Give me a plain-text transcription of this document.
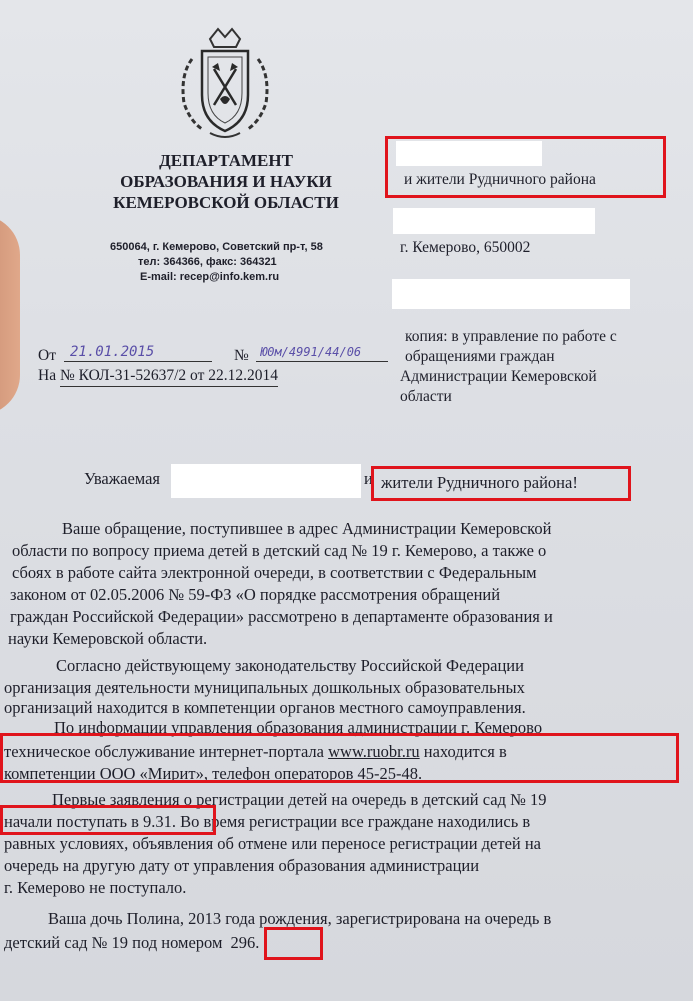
ДЕПАРТАМЕНТ
ОБРАЗОВАНИЯ И НАУКИ
КЕМЕРОВСКОЙ ОБЛАСТИ
650064, г. Кемерово, Советский пр-т, 58
тел: 364366, факс: 364321
E-mail: recep@info.kem.ru
и жители Рудничного района
г. Кемерово, 650002
копия: в управление по работе с
обращениями граждан
Администрации Кемеровской
области
От	21.01.2015	№ Ю0м/4991/44/06
На № КОЛ-31-52637/2 от 22.12.2014
Уважаемая	и жители Рудничного района!
Ваше обращение, поступившее в адрес Администрации Кемеровской
области по вопросу приема детей в детский сад № 19 г. Кемерово, а также о
сбоях в работе сайта электронной очереди, в соответствии с Федеральным
законом от 02.05.2006 № 59-ФЗ «О порядке рассмотрения обращений
граждан Российской Федерации» рассмотрено в департаменте образования и
науки Кемеровской области.
Согласно действующему законодательству Российской Федерации
организация деятельности муниципальных дошкольных образовательных
организаций находится в компетенции органов местного самоуправления.
По информации управления образования администрации г. Кемерово
техническое обслуживание интернет-портала www.ruobr.ru находится в
компетенции ООО «Мирит», телефон операторов 45-25-48.
Первые заявления о регистрации детей на очередь в детский сад № 19
начали поступать в 9.31. Во время регистрации все граждане находились в
равных условиях, объявления об отмене или переносе регистрации детей на
очередь на другую дату от управления образования администрации
г. Кемерово не поступало.
Ваша дочь Полина, 2013 года рождения, зарегистрирована на очередь в
детский сад № 19 под номером 296.
